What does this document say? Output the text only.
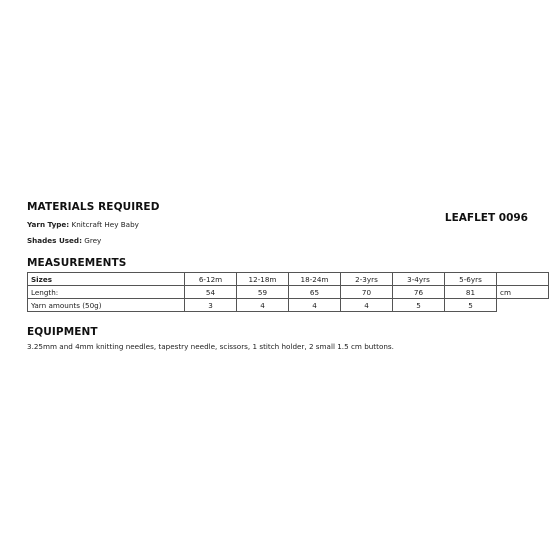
MATERIALS REQUIRED
Yarn Type: Knitcraft Hey Baby
Shades Used: Grey
LEAFLET 0096
MEASUREMENTS
Sizes	6-12m	12-18m	18-24m	2-3yrs	3-4yrs	5-6yrs	
Length:	54	59	65	70	76	81	cm
Yarn amounts (50g)	3	4	4	4	5	5	
EQUIPMENT
3.25mm and 4mm knitting needles, tapestry needle, scissors, 1 stitch holder, 2 small 1.5 cm buttons.
